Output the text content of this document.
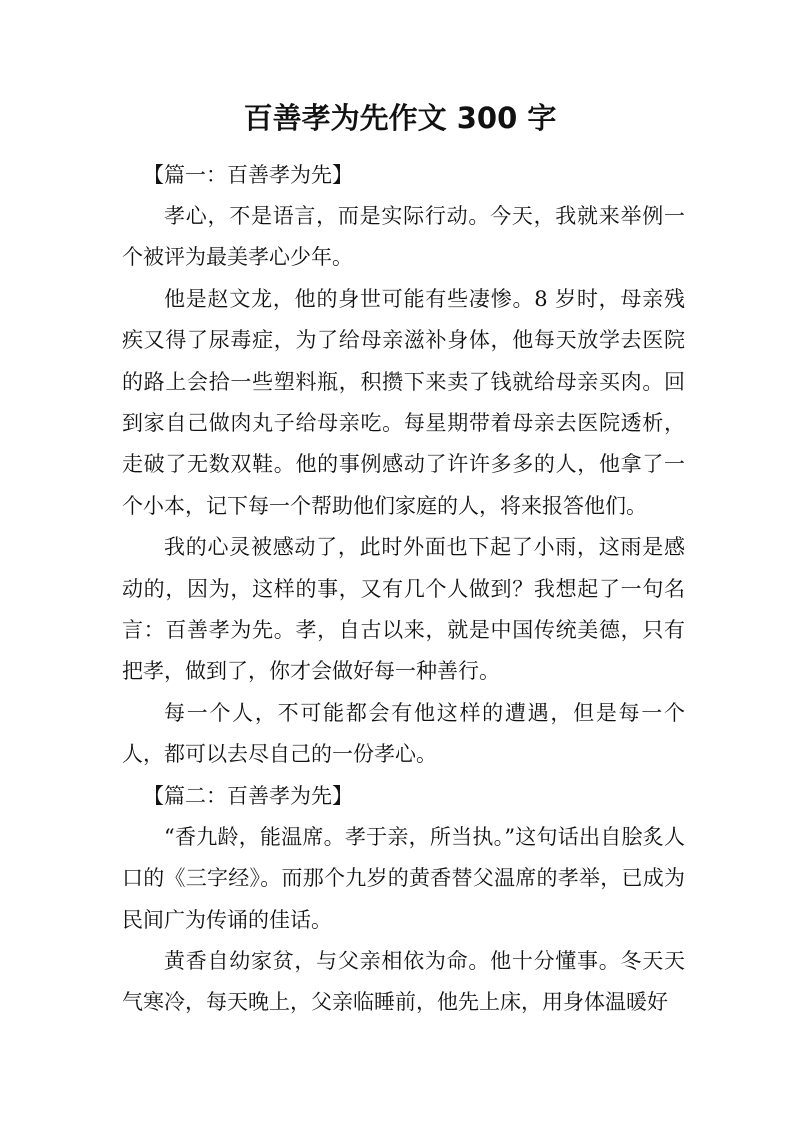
百善孝为先作文 300 字

【篇一：百善孝为先】

孝心，不是语言，而是实际行动。今天，我就来举例一个被评为最美孝心少年。

他是赵文龙，他的身世可能有些凄惨。8 岁时，母亲残疾又得了尿毒症，为了给母亲滋补身体，他每天放学去医院的路上会拾一些塑料瓶，积攒下来卖了钱就给母亲买肉。回到家自己做肉丸子给母亲吃。每星期带着母亲去医院透析，走破了无数双鞋。他的事例感动了许许多多的人，他拿了一个小本，记下每一个帮助他们家庭的人，将来报答他们。

我的心灵被感动了，此时外面也下起了小雨，这雨是感动的，因为，这样的事，又有几个人做到？我想起了一句名言：百善孝为先。孝，自古以来，就是中国传统美德，只有把孝，做到了，你才会做好每一种善行。

每一个人，不可能都会有他这样的遭遇，但是每一个人，都可以去尽自己的一份孝心。

【篇二：百善孝为先】

“香九龄，能温席。孝于亲，所当执。”这句话出自脍炙人口的《三字经》。而那个九岁的黄香替父温席的孝举，已成为民间广为传诵的佳话。

黄香自幼家贫，与父亲相依为命。他十分懂事。冬天天气寒冷，每天晚上，父亲临睡前，他先上床，用身体温暖好
